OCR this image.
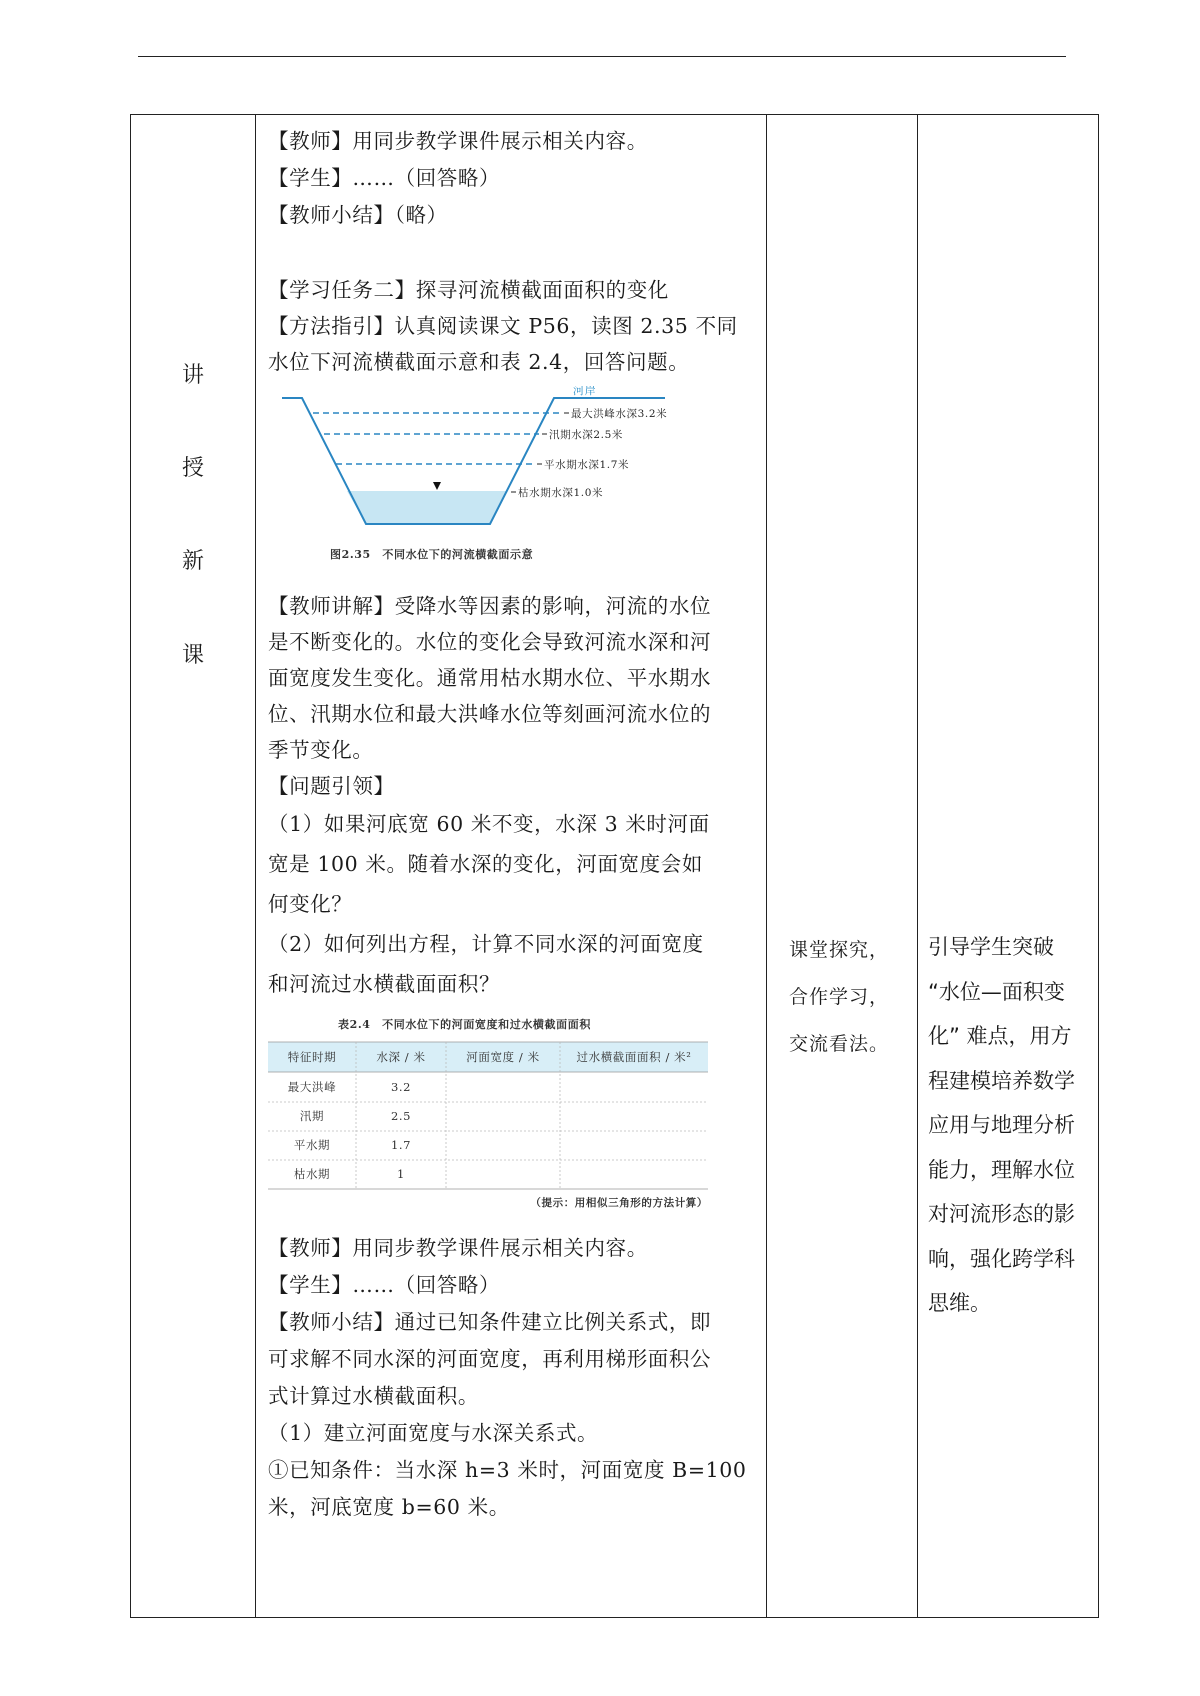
讲
授
新
课

【教师】用同步教学课件展示相关内容。

【学生】……（回答略）

【教师小结】（略）

【学习任务二】探寻河流横截面面积的变化

【方法指引】认真阅读课文 P56，读图 2.35 不同

水位下河流横截面示意和表 2.4，回答问题。

河岸
最大洪峰水深3.2米
汛期水深2.5米
平水期水深1.7米
枯水期水深1.0米
图2.35　不同水位下的河流横截面示意

【教师讲解】受降水等因素的影响，河流的水位

是不断变化的。水位的变化会导致河流水深和河

面宽度发生变化。通常用枯水期水位、平水期水

位、汛期水位和最大洪峰水位等刻画河流水位的

季节变化。

【问题引领】

（1）如果河底宽 60 米不变，水深 3 米时河面

宽是 100 米。随着水深的变化，河面宽度会如

何变化？

（2）如何列出方程，计算不同水深的河面宽度

和河流过水横截面面积？

表2.4　不同水位下的河面宽度和过水横截面面积
特征时期	水深 / 米	河面宽度 / 米	过水横截面面积 / 米²
最大洪峰	3.2
汛期	2.5
平水期	1.7
枯水期	1
（提示：用相似三角形的方法计算）

【教师】用同步教学课件展示相关内容。

【学生】……（回答略）

【教师小结】通过已知条件建立比例关系式，即

可求解不同水深的河面宽度，再利用梯形面积公

式计算过水横截面积。

（1）建立河面宽度与水深关系式。

①已知条件：当水深 h=3 米时，河面宽度 B=100

米，河底宽度 b=60 米。

课堂探究，
合作学习，
交流看法。

引导学生突破
“水位—面积变
化” 难点，用方
程建模培养数学
应用与地理分析
能力，理解水位
对河流形态的影
响，强化跨学科
思维。
